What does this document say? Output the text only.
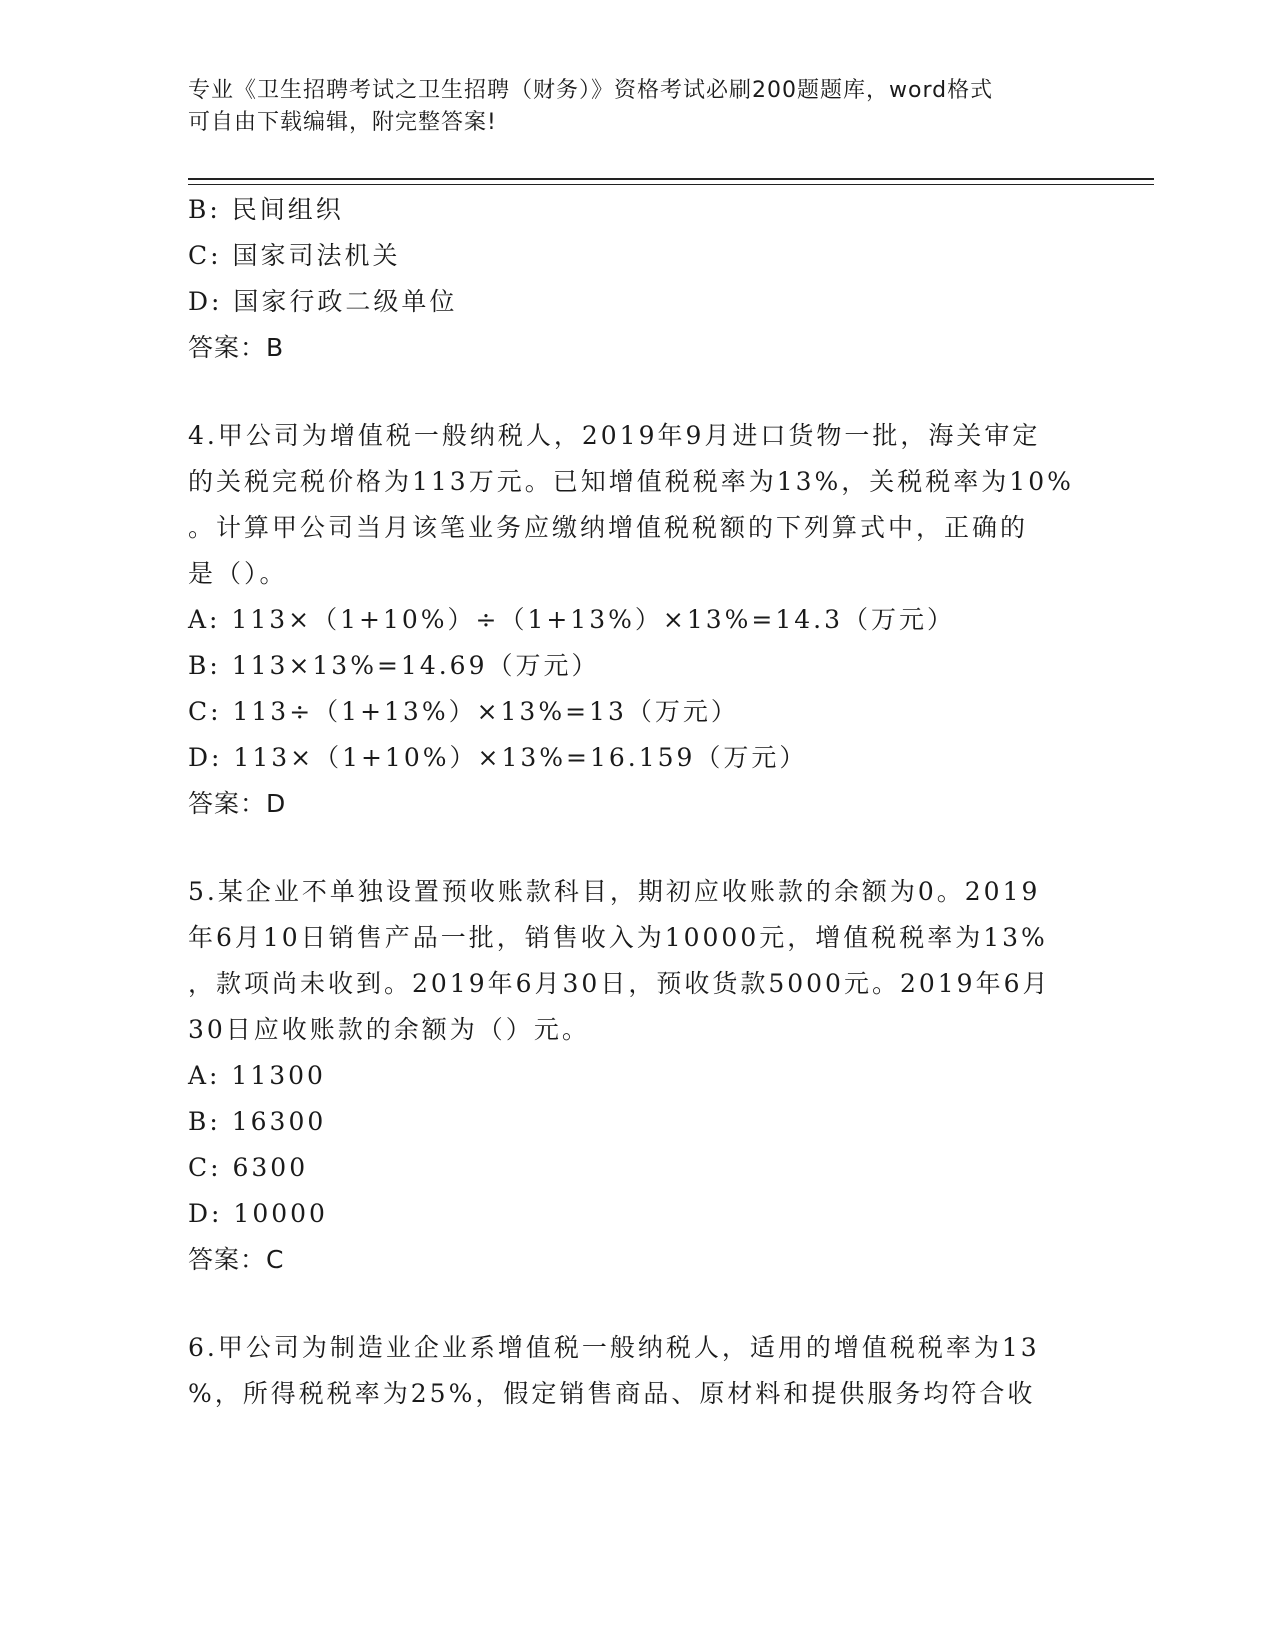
专业《卫生招聘考试之卫生招聘（财务）》资格考试必刷200题题库，word格式
可自由下载编辑，附完整答案!
B: 民间组织
C: 国家司法机关
D: 国家行政二级单位
答案：B
4.甲公司为增值税一般纳税人，2019年9月进口货物一批，海关审定
的关税完税价格为113万元。已知增值税税率为13%，关税税率为10%
。计算甲公司当月该笔业务应缴纳增值税税额的下列算式中，正确的
是（）。
A: 113×（1+10%）÷（1+13%）×13%=14.3（万元）
B: 113×13%=14.69（万元）
C: 113÷（1+13%）×13%=13（万元）
D: 113×（1+10%）×13%=16.159（万元）
答案：D
5.某企业不单独设置预收账款科目，期初应收账款的余额为0。2019
年6月10日销售产品一批，销售收入为10000元，增值税税率为13%
，款项尚未收到。2019年6月30日，预收货款5000元。2019年6月
30日应收账款的余额为（）元。
A: 11300
B: 16300
C: 6300
D: 10000
答案：C
6.甲公司为制造业企业系增值税一般纳税人，适用的增值税税率为13
%，所得税税率为25%，假定销售商品、原材料和提供服务均符合收
